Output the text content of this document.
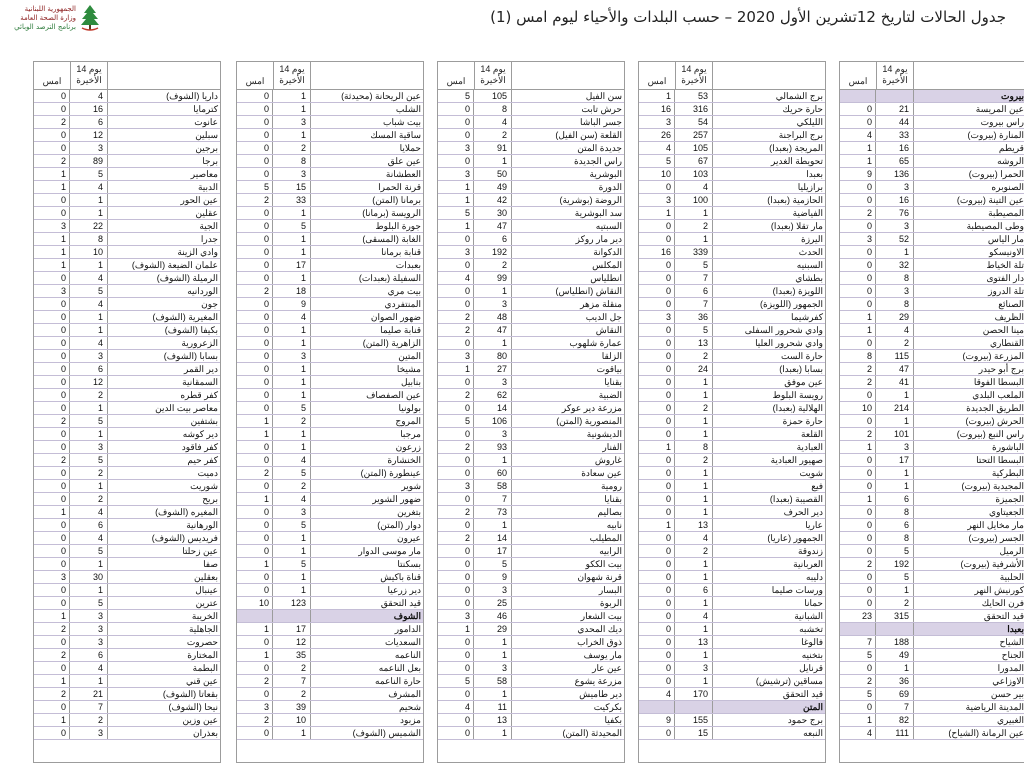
الجمهورية اللبنانية
وزارة الصحة العامة
برنامج الترصد الوبائي
جدول الحالات لتاريخ 12تشرين الأول 2020 – حسب البلدات والأحياء ليوم امس (1)
14 يوم الأخيرة
امس
بيروت
0	21	عين المريسة
0	44	راس بيروت
4	33	المنارة (بيروت)
1	16	قريطم
1	65	الروشه
9	136	الحمرا (بيروت)
0	3	الصنوبره
0	16	عين التينة (بيروت)
2	76	المصيطبة
0	3	وطى المصيطبة
3	52	مار الياس
0	1	الاونيسكو
0	32	تلة الخياط
0	8	دار الفتوى
0	3	تلة الدروز
0	8	الصنائع
1	29	الظريف
1	4	مينا الحصن
0	2	القنطاري
8	115	المزرعة (بيروت)
2	47	برج أبو حيدر
2	41	البسطا الفوقا
0	1	الملعب البلدي
10	214	الطريق الجديدة
0	1	الحرش (بيروت)
2	101	راس النبع (بيروت)
1	3	الباشورة
0	17	البسطا التحتا
0	1	البطركية
0	1	المجيدية (بيروت)
1	6	الجميزة
0	8	الجعيتاوي
0	6	مار مخايل النهر
0	8	الجسر (بيروت)
0	5	الرميل
2	192	الأشرفية (بيروت)
0	5	الحلبية
0	1	كورنيش النهر
0	2	فرن الحايك
23	315	قيد التحقق
بعبدا
7	188	الشياح
5	49	الجناح
0	1	المدورا
2	36	الاوزاعي
5	69	بير حسن
0	7	المدينة الرياضية
1	82	الغبيري
4	111	عين الرمانة (الشياح)
14 يوم الأخيرة
امس
1	53	برج الشمالي
16	316	حارة حريك
3	54	الليلكي
26	257	برج البراجنة
4	105	المريجة (بعبدا)
5	67	تحويطة الغدير
10	103	بعبدا
0	4	برازيليا
3	100	الحازمية (بعبدا)
1	1	الفياضية
0	2	مار تقلا (بعبدا)
0	1	اليرزة
16	339	الحدث
0	5	السبنيه
0	7	بطشاي
0	6	اللويزة (بعبدا)
0	7	الجمهور (اللويزة)
3	36	كفرشيما
0	5	وادي شحرور السفلى
0	13	وادي شحرور العليا
0	2	حارة الست
0	24	بسابا (بعبدا)
0	1	عين موفق
0	1	رويسة البلوط
0	2	الهلالية (بعبدا)
0	1	حارة حمزة
0	1	القلعة
1	8	العبادية
0	2	صهيور العبادية
0	1	شويت
0	1	فيع
0	1	القصيبة (بعبدا)
0	1	دير الحرف
1	13	عاريا
0	4	الجمهور (عاريا)
0	2	زندوقة
0	1	العربانية
0	1	دليبه
0	6	ورسات صليما
0	1	حمانا
0	4	الشبانية
0	1	تخشبه
0	13	فالوغا
0	1	بتخنيه
0	3	قرنايل
0	1	مساقين (ترشيش)
4	170	قيد التحقق
المتن
9	155	برج حمود
0	15	النبعه
14 يوم الأخيرة
امس
5	105	سن الفيل
0	8	حرش تابت
0	4	جسر الباشا
0	2	القلعة (سن الفيل)
3	91	جديدة المتن
0	1	راس الجديدة
3	50	البوشرية
1	49	الدورة
1	42	الروضة (بوشرية)
5	30	سد البوشرية
1	47	السبتيه
0	6	دير مار روكز
3	192	الدكوانة
0	2	المكلس
4	99	انطلياس
0	1	النقاش (انطلياس)
0	3	منقلة مزهر
2	48	جل الديب
2	47	النقاش
0	1	عمارة شلهوب
3	80	الزلقا
1	27	بياقوت
0	3	بقنايا
2	62	الضبية
0	14	مزرعة دير عوكر
5	106	المنصورية (المتن)
0	3	الديشونية
2	93	الفنار
0	1	غاروش
0	60	عين سعادة
3	58	رومية
0	7	بقنايا
2	73	بصاليم
0	1	نابيه
2	14	المطيلب
0	17	الرابيه
0	5	بيت الككو
0	9	قرنة شهوان
0	3	البسار
0	25	الربوة
3	46	بيت الشعار
1	29	ديك المحدي
0	1	ذوق الخراب
0	1	مار يوسف
0	3	عين عار
5	58	مزرعة يشوع
0	1	دير طاميش
4	11	بكركيت
0	13	بكفيا
0	1	المحيدثة (المتن)
14 يوم الأخيرة
امس
0	1	عين الريحانة (محيدثة)
0	1	الشلب
0	3	بيت شباب
0	1	ساقية المسك
0	2	حملايا
0	8	عين علق
0	3	العطشانة
5	15	قرنة الحمرا
2	33	برمانا (المتن)
0	1	الرويسة (برمانا)
0	5	جورة البلوط
0	1	الغابة (المسقى)
0	1	قنابة برمانا
0	17	بعبدات
0	1	السفيلة (بعبدات)
2	18	بيت مري
0	9	المنتفردي
0	4	ضهور الصوان
0	1	قنابة صليما
0	1	الزاهرية (المتن)
0	3	المتين
0	1	مشيخا
0	1	بنابيل
0	1	عين الصفصاف
0	5	بولونيا
1	2	المروج
1	1	مرجبا
0	1	زرعون
0	4	الخنشارة
2	5	عينطورة (المتن)
0	2	شوير
1	4	ضهور الشوير
0	3	بتغرين
0	5	دوار (المتن)
0	1	عيرون
0	1	مار موسى الدوار
1	5	بسكنتا
0	1	قناة باكيش
0	1	دير زرعيا
10	123	قيد التحقق
الشوف
1	17	الدامور
0	12	السعديات
1	35	الناعمه
0	2	بعل الناعمه
2	7	حارة الناعمه
0	2	المشرف
3	39	شحيم
2	10	مزبود
0	1	الشميس (الشوف)
14 يوم الأخيرة
امس
0	4	داريا (الشوف)
0	16	كترمايا
2	6	عانوت
0	12	سبلين
0	3	برجين
2	89	برجا
1	5	معاصير
1	4	الدبية
0	1	عين الحور
0	1	عقلين
3	22	الجية
1	8	جدرا
1	10	وادي الزينة
1	1	علمان الضيعة (الشوف)
0	4	الرميلة (الشوف)
3	5	الوردانيه
0	4	جون
0	1	المغيرية (الشوف)
0	1	بكيفا (الشوف)
0	4	الزعرورية
0	3	بسابا (الشوف)
0	6	دير القمر
0	12	السمقانية
0	2	كفر قطره
0	1	معاصر بيت الدين
2	5	بشتفين
0	1	دير كوشه
0	3	كفر فاقود
2	5	كفر حيم
0	2	دميت
0	1	شوريت
0	2	بريح
1	4	المغيره (الشوف)
0	6	الورهانية
0	4	فريديس (الشوف)
0	5	عين زحلتا
0	1	صفا
3	30	بعقلين
0	1	عينبال
0	5	عترين
1	3	الخريبة
2	3	الجاهلية
0	3	حصروت
2	6	المختارة
0	4	البطمة
1	1	عين قني
2	21	بقعاتا (الشوف)
0	7	نيحا (الشوف)
1	2	عين وزين
0	3	بعذران
